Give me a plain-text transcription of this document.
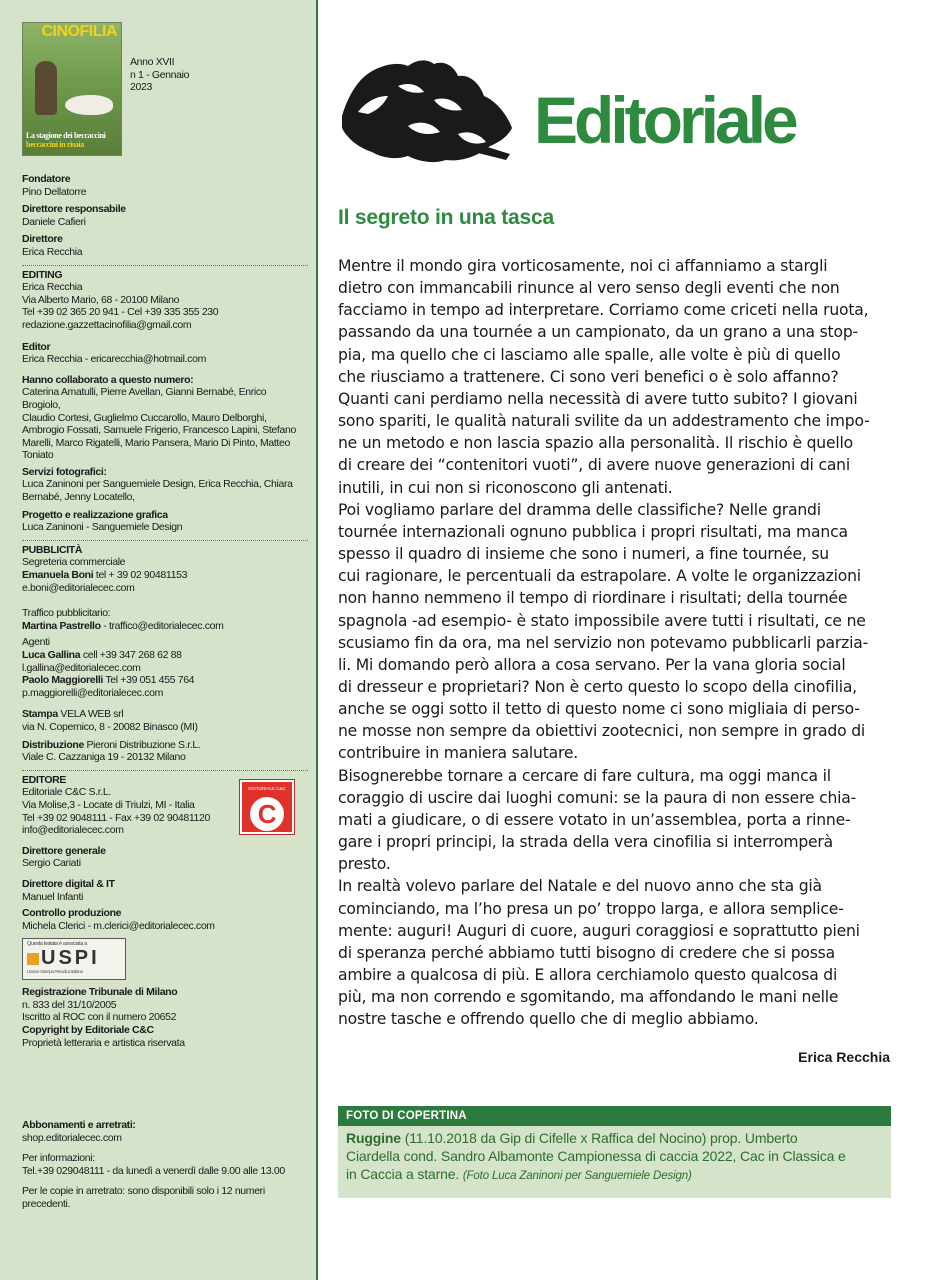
CINOFILIA
La stagione dei beccaccini
beccaccini in risaia
Anno XVII
n 1 - Gennaio
2023
Fondatore
Pino Dellatorre
Direttore responsabile
Daniele Cafieri
Direttore
Erica Recchia
EDITING
Erica Recchia
Via Alberto Mario, 68 - 20100 Milano
Tel +39 02 365 20 941 - Cel +39 335 355 230
redazione.gazzettacinofilia@gmail.com
Editor
Erica Recchia - ericarecchia@hotmail.com
Hanno collaborato a questo numero:
Caterina Amatulli, Pierre Avellan, Gianni Bernabé, Enrico Brogiolo,
Claudio Cortesi, Guglielmo Cuccarollo, Mauro Delborghi,
Ambrogio Fossati, Samuele Frigerio, Francesco Lapini, Stefano
Marelli, Marco Rigatelli, Mario Pansera, Mario Di Pinto, Matteo
Toniato
Servizi fotografici:
Luca Zaninoni per Sanguemiele Design, Erica Recchia, Chiara
Bernabé, Jenny Locatello,
Progetto e realizzazione grafica
Luca Zaninoni - Sanguemiele Design
PUBBLICITÀ
Segreteria commerciale
Emanuela Boni tel + 39 02 90481153
e.boni@editorialecec.com
Traffico pubblicitario:
Martina Pastrello - traffico@editorialecec.com
Agenti
Luca Gallina cell +39 347 268 62 88
l.gallina@editorialecec.com
Paolo Maggiorelli Tel +39 051 455 764
p.maggiorelli@editorialecec.com
Stampa VELA WEB srl
via N. Copernico, 8 - 20082 Binasco (MI)
Distribuzione Pieroni Distribuzione S.r.L.
Viale C. Cazzaniga 19 - 20132 Milano
EDITORE
Editoriale C&C S.r.L.
Via Molise,3 - Locate di Triulzi, MI - Italia
Tel +39 02 9048111 - Fax +39 02 90481120
info@editorialecec.com
EDITORIALE C&C
C
Direttore generale
Sergio Cariati
Direttore digital & IT
Manuel Infanti
Controllo produzione
Michela Clerici - m.clerici@editorialecec.com
Questa testata è associata a
USPI
Unione Stampa Periodica Italiana
Registrazione Tribunale di Milano
n. 833 del 31/10/2005
Iscritto al ROC con il numero 20652
Copyright by Editoriale C&C
Proprietà letteraria e artistica riservata
Abbonamenti e arretrati:
shop.editorialecec.com
Per informazioni:
Tel.+39 029048111 - da lunedì a venerdì dalle 9.00 alle 13.00
Per le copie in arretrato: sono disponibili solo i 12 numeri
precedenti.
Editoriale
Il segreto in una tasca

Mentre il mondo gira vorticosamente, noi ci affanniamo a stargli
dietro con immancabili rinunce al vero senso degli eventi che non
facciamo in tempo ad interpretare. Corriamo come criceti nella ruota,
passando da una tournée a un campionato, da un grano a una stop-
pia, ma quello che ci lasciamo alle spalle, alle volte è più di quello
che riusciamo a trattenere. Ci sono veri benefici o è solo affanno?
Quanti cani perdiamo nella necessità di avere tutto subito? I giovani
sono spariti, le qualità naturali svilite da un addestramento che impo-
ne un metodo e non lascia spazio alla personalità. Il rischio è quello
di creare dei “contenitori vuoti”, di avere nuove generazioni di cani
inutili, in cui non si riconoscono gli antenati.

Poi vogliamo parlare del dramma delle classifiche? Nelle grandi
tournée internazionali ognuno pubblica i propri risultati, ma manca
spesso il quadro di insieme che sono i numeri, a fine tournée, su
cui ragionare, le percentuali da estrapolare. A volte le organizzazioni
non hanno nemmeno il tempo di riordinare i risultati; della tournée
spagnola -ad esempio- è stato impossibile avere tutti i risultati, ce ne
scusiamo fin da ora, ma nel servizio non potevamo pubblicarli parzia-
li. Mi domando però allora a cosa servano. Per la vana gloria social
di dresseur e proprietari? Non è certo questo lo scopo della cinofilia,
anche se oggi sotto il tetto di questo nome ci sono migliaia di perso-
ne mosse non sempre da obiettivi zootecnici, non sempre in grado di
contribuire in maniera salutare.

Bisognerebbe tornare a cercare di fare cultura, ma oggi manca il
coraggio di uscire dai luoghi comuni: se la paura di non essere chia-
mati a giudicare, o di essere votato in un’assemblea, porta a rinne-
gare i propri principi, la strada della vera cinofilia si interromperà
presto.

In realtà volevo parlare del Natale e del nuovo anno che sta già
cominciando, ma l’ho presa un po’ troppo larga, e allora semplice-
mente: auguri! Auguri di cuore, auguri coraggiosi e soprattutto pieni
di speranza perché abbiamo tutti bisogno di credere che si possa
ambire a qualcosa di più. E allora cerchiamolo questo qualcosa di
più, ma non correndo e sgomitando, ma affondando le mani nelle
nostre tasche e offrendo quello che di meglio abbiamo.

Erica Recchia
FOTO DI COPERTINA
Ruggine (11.10.2018 da Gip di Cifelle x Raffica del Nocino) prop. Umberto
Ciardella cond. Sandro Albamonte Campionessa di caccia 2022, Cac in Classica e
in Caccia a starne. (Foto Luca Zaninoni per Sanguemiele Design)
